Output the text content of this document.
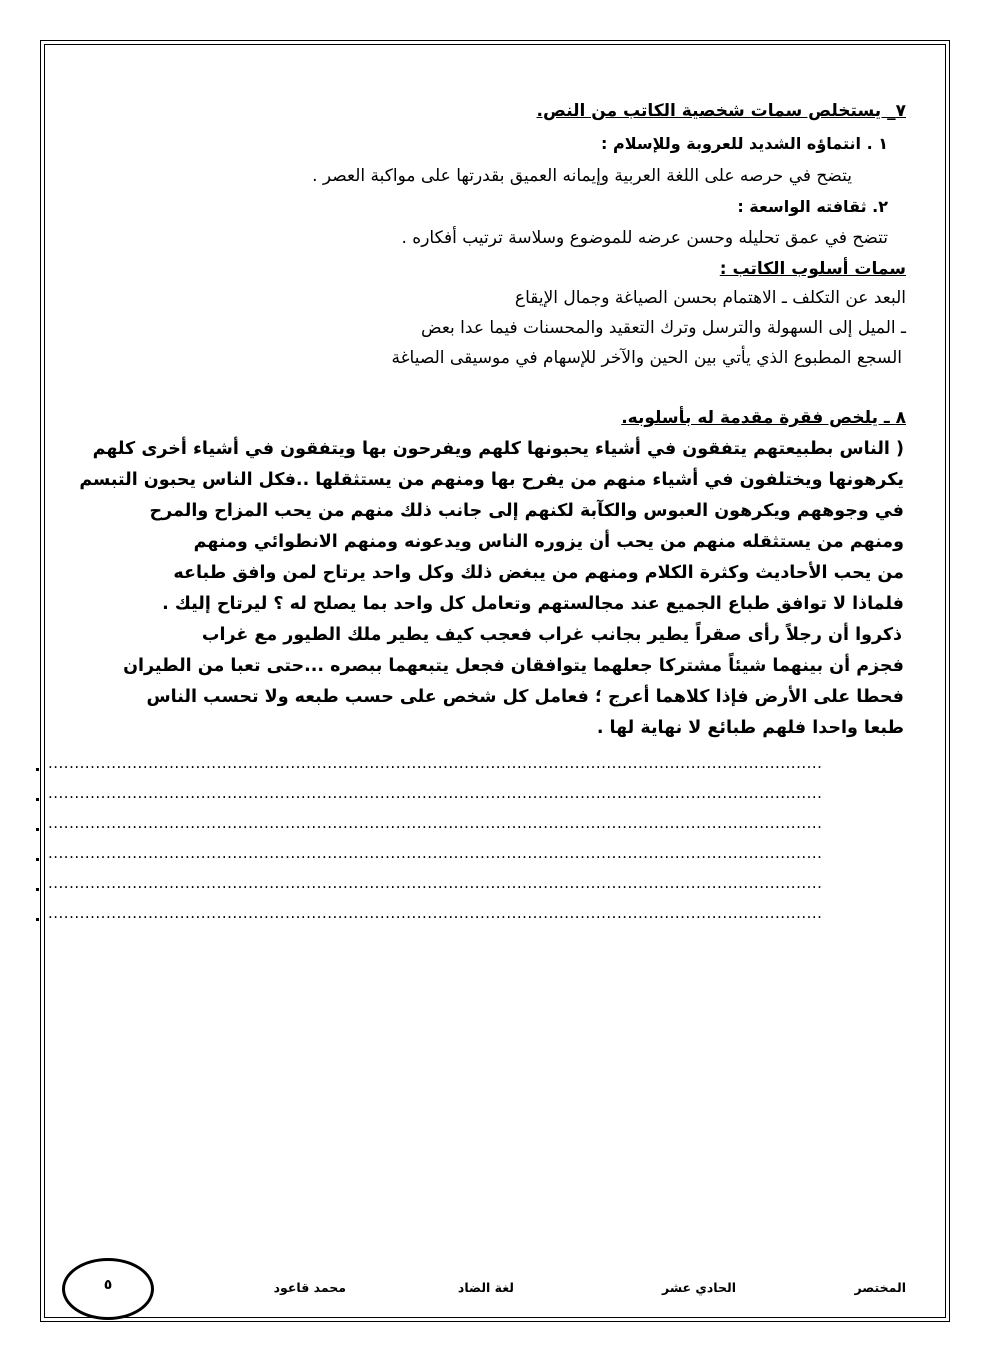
٧_ يستخلص سمات شخصية الكاتب من النص.
١ . انتماؤه الشديد للعروبة وللإسلام :
يتضح في حرصه على اللغة العربية وإيمانه العميق بقدرتها على مواكبة العصر .
٢. ثقافته الواسعة :
تتضح في عمق تحليله وحسن عرضه للموضوع وسلاسة ترتيب أفكاره .
سمات أسلوب الكاتب :
البعد عن التكلف ـ الاهتمام بحسن الصياغة وجمال الإيقاع
ـ الميل إلى السهولة والترسل وترك التعقيد والمحسنات فيما عدا بعض
السجع المطبوع الذي يأتي بين الحين والآخر للإسهام في موسيقى الصياغة
٨ ـ يلخص فقرة مقدمة له بأسلوبه.
( الناس بطبيعتهم يتفقون في أشياء يحبونها كلهم ويفرحون بها ويتفقون في أشياء أخرى كلهم
يكرهونها ويختلفون في أشياء منهم من يفرح بها ومنهم من يستثقلها ..فكل الناس يحبون التبسم
في وجوههم ويكرهون العبوس والكآبة لكنهم إلى جانب ذلك منهم من يحب المزاح والمرح
ومنهم من يستثقله منهم من يحب أن يزوره الناس ويدعونه ومنهم الانطوائي ومنهم
من يحب الأحاديث وكثرة الكلام ومنهم من يبغض ذلك وكل واحد يرتاح لمن وافق طباعه
فلماذا لا توافق طباع الجميع عند مجالستهم وتعامل كل واحد بما يصلح له ؟ ليرتاح إليك .
ذكروا أن رجلاً رأى صقراً يطير بجانب غراب فعجب كيف يطير ملك الطيور مع غراب
فجزم أن بينهما شيئاً مشتركا جعلهما يتوافقان فجعل يتبعهما ببصره ...حتى تعبا من الطيران
فحطا على الأرض فإذا كلاهما أعرج ؛ فعامل كل شخص على حسب طبعه ولا تحسب الناس
طبعا واحدا فلهم طبائع لا نهاية لها .
...................................................................................................................................................
...................................................................................................................................................
...................................................................................................................................................
...................................................................................................................................................
...................................................................................................................................................
...................................................................................................................................................
المختصر
الحادي عشر
لغة الضاد
محمد قاعود
٥
